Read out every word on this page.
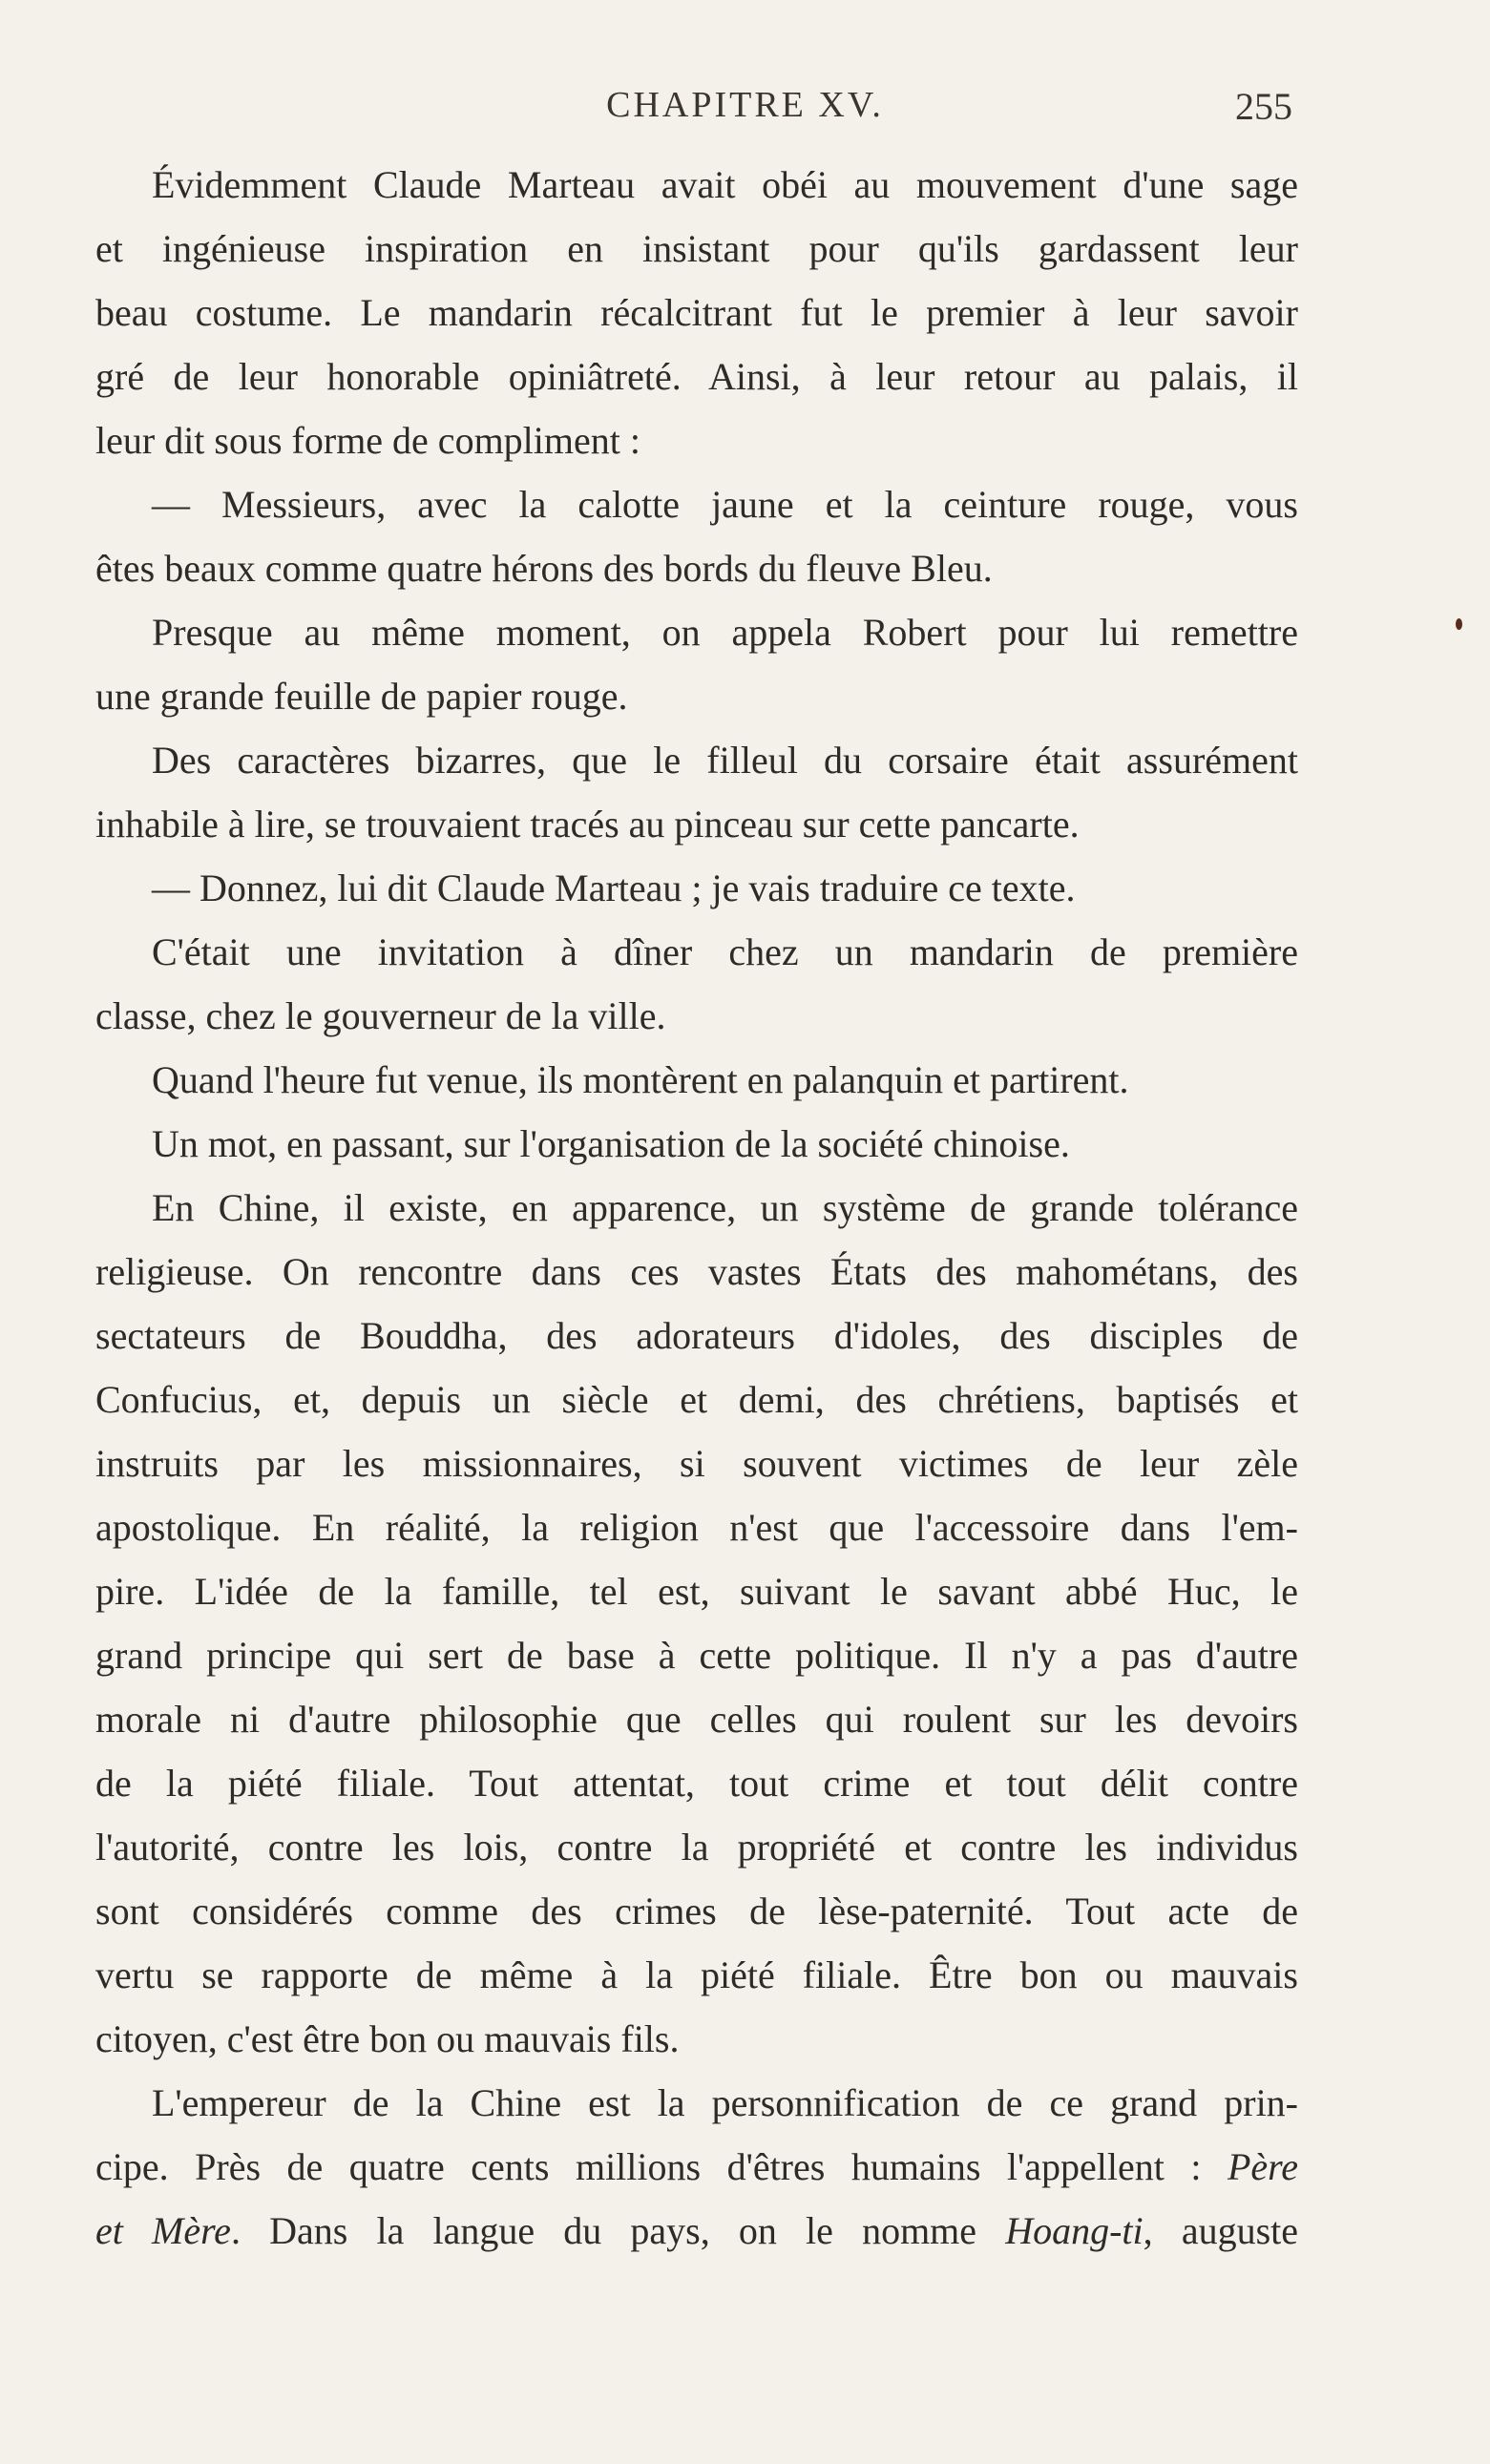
CHAPITRE XV.	255
Évidemment Claude Marteau avait obéi au mouvement d'une sage
et ingénieuse inspiration en insistant pour qu'ils gardassent leur
beau costume. Le mandarin récalcitrant fut le premier à leur savoir
gré de leur honorable opiniâtreté. Ainsi, à leur retour au palais, il
leur dit sous forme de compliment :
— Messieurs, avec la calotte jaune et la ceinture rouge, vous
êtes beaux comme quatre hérons des bords du fleuve Bleu.
Presque au même moment, on appela Robert pour lui remettre
une grande feuille de papier rouge.
Des caractères bizarres, que le filleul du corsaire était assurément
inhabile à lire, se trouvaient tracés au pinceau sur cette pancarte.
— Donnez, lui dit Claude Marteau ; je vais traduire ce texte.
C'était une invitation à dîner chez un mandarin de première
classe, chez le gouverneur de la ville.
Quand l'heure fut venue, ils montèrent en palanquin et partirent.
Un mot, en passant, sur l'organisation de la société chinoise.
En Chine, il existe, en apparence, un système de grande tolérance
religieuse. On rencontre dans ces vastes États des mahométans, des
sectateurs de Bouddha, des adorateurs d'idoles, des disciples de
Confucius, et, depuis un siècle et demi, des chrétiens, baptisés et
instruits par les missionnaires, si souvent victimes de leur zèle
apostolique. En réalité, la religion n'est que l'accessoire dans l'em-
pire. L'idée de la famille, tel est, suivant le savant abbé Huc, le
grand principe qui sert de base à cette politique. Il n'y a pas d'autre
morale ni d'autre philosophie que celles qui roulent sur les devoirs
de la piété filiale. Tout attentat, tout crime et tout délit contre
l'autorité, contre les lois, contre la propriété et contre les individus
sont considérés comme des crimes de lèse-paternité. Tout acte de
vertu se rapporte de même à la piété filiale. Être bon ou mauvais
citoyen, c'est être bon ou mauvais fils.
L'empereur de la Chine est la personnification de ce grand prin-
cipe. Près de quatre cents millions d'êtres humains l'appellent : Père
et Mère. Dans la langue du pays, on le nomme Hoang-ti, auguste
